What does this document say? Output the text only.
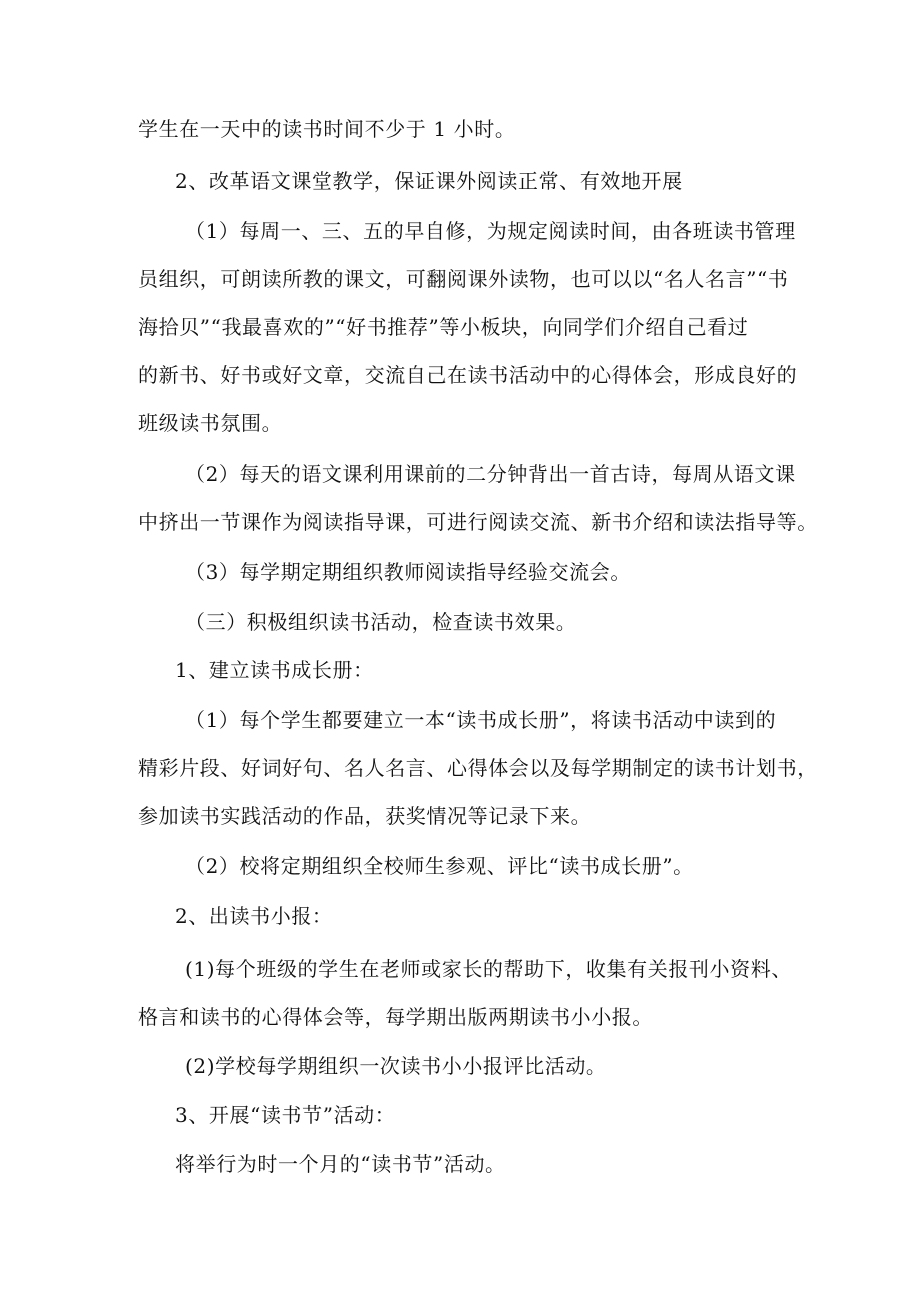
学生在一天中的读书时间不少于 1 小时。
2、改革语文课堂教学，保证课外阅读正常、有效地开展
（1）每周一、三、五的早自修，为规定阅读时间，由各班读书管理
员组织，可朗读所教的课文，可翻阅课外读物，也可以以“名人名言”“书
海拾贝”“我最喜欢的”“好书推荐”等小板块，向同学们介绍自己看过
的新书、好书或好文章，交流自己在读书活动中的心得体会，形成良好的
班级读书氛围。
（2）每天的语文课利用课前的二分钟背出一首古诗，每周从语文课
中挤出一节课作为阅读指导课，可进行阅读交流、新书介绍和读法指导等。
（3）每学期定期组织教师阅读指导经验交流会。
（三）积极组织读书活动，检查读书效果。
1、建立读书成长册：
（1）每个学生都要建立一本“读书成长册”，将读书活动中读到的
精彩片段、好词好句、名人名言、心得体会以及每学期制定的读书计划书，
参加读书实践活动的作品，获奖情况等记录下来。
（2）校将定期组织全校师生参观、评比“读书成长册”。
2、出读书小报：
(1)每个班级的学生在老师或家长的帮助下，收集有关报刊小资料、
格言和读书的心得体会等，每学期出版两期读书小小报。
(2)学校每学期组织一次读书小小报评比活动。
3、开展“读书节”活动：
将举行为时一个月的“读书节”活动。
